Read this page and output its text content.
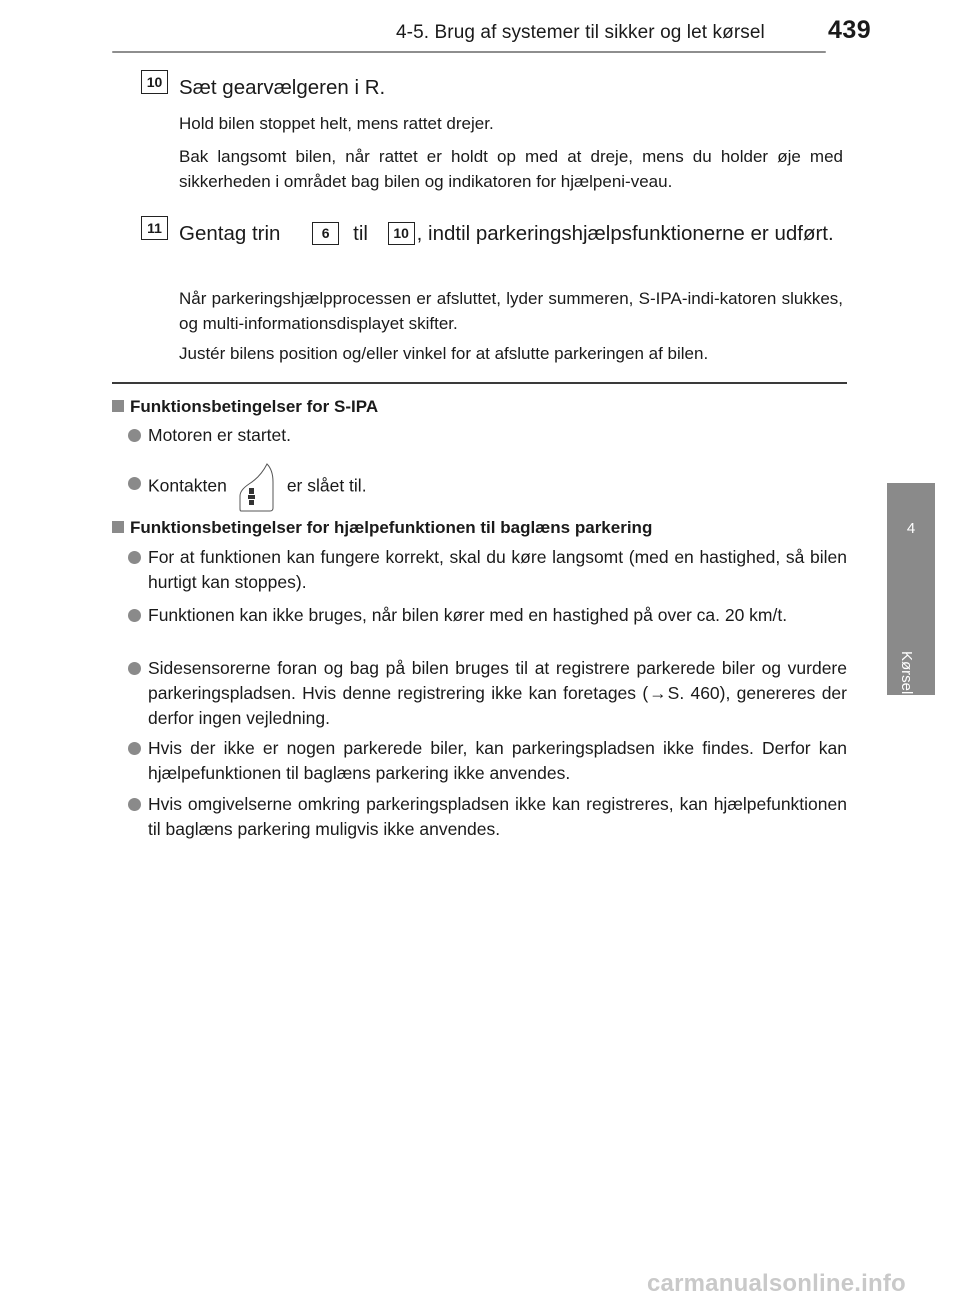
4-5. Brug af systemer til sikker og let kørsel	439
4
Kørsel
10 Sæt gearvælgeren i R.
Hold bilen stoppet helt, mens rattet drejer.
Bak langsomt bilen, når rattet er holdt op med at dreje, mens du holder øje med sikkerheden i området bag bilen og indikatoren for hjælpeni-veau.
11 Gentag trin	6 til 10 , indtil parkeringshjælpsfunktionerne er udført.
Når parkeringshjælpprocessen er afsluttet, lyder summeren, S-IPA-indi-katoren slukkes, og multi-informationsdisplayet skifter.
Justér bilens position og/eller vinkel for at afslutte parkeringen af bilen.
Funktionsbetingelser for S-IPA
Motoren er startet.
Kontakten	er slået til.
Funktionsbetingelser for hjælpefunktionen til baglæns parkering
For at funktionen kan fungere korrekt, skal du køre langsomt (med en hastighed, så bilen hurtigt kan stoppes).
Funktionen kan ikke bruges, når bilen kører med en hastighed på over ca. 20 km/t.
Sidesensorerne foran og bag på bilen bruges til at registrere parkerede biler og vurdere parkeringspladsen. Hvis denne registrering ikke kan foretages (→S. 460), genereres der derfor ingen vejledning.
Hvis der ikke er nogen parkerede biler, kan parkeringspladsen ikke findes. Derfor kan hjælpefunktionen til baglæns parkering ikke anvendes.
Hvis omgivelserne omkring parkeringspladsen ikke kan registreres, kan hjælpefunktionen til baglæns parkering muligvis ikke anvendes.
carmanualsonline.info
